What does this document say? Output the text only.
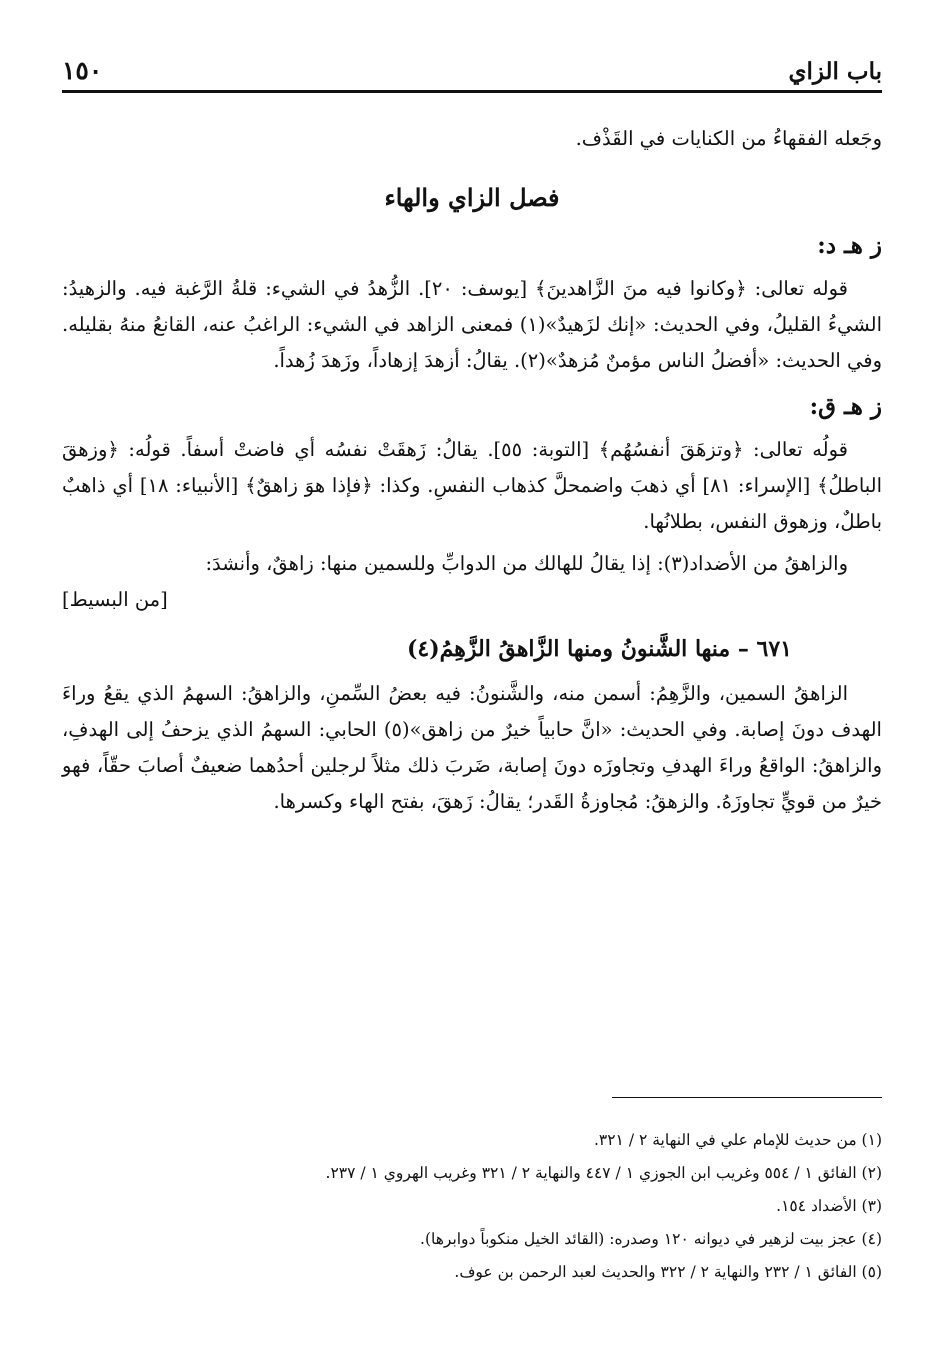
باب الزاي
١٥٠

وجَعله الفقهاءُ من الكنايات في القَذْف.

فصل الزاي والهاء
ز هـ د:

قوله تعالى: ﴿وكانوا فيه منَ الزَّاهدينَ﴾ [يوسف: ٢٠]. الزُّهدُ في الشيء: قلةُ الرَّغبة فيه. والزهيدُ: الشيءُ القليلُ، وفي الحديث: «إنك لزَهيدٌ»(١) فمعنى الزاهد في الشيء: الراغبُ عنه، القانعُ منهُ بقليله. وفي الحديث: «أفضلُ الناس مؤمنٌ مُزهدٌ»(٢). يقالُ: أزهدَ إزهاداً، وزَهدَ زُهداً.

ز هـ ق:

قولُه تعالى: ﴿وتزهَقَ أنفسُهُم﴾ [التوبة: ٥٥]. يقالُ: زَهقَتْ نفسُه أي فاضتْ أسفاً. قولُه: ﴿وزهقَ الباطلُ﴾ [الإسراء: ٨١] أي ذهبَ واضمحلَّ كذهاب النفسِ. وكذا: ﴿فإذا هوَ زاهقٌ﴾ [الأنبياء: ١٨] أي ذاهبٌ باطلٌ، وزهوق النفس، بطلانُها.

والزاهقُ من الأضداد(٣): إذا يقالُ للهالك من الدوابِّ وللسمين منها: زاهقٌ، وأنشدَ:

[من البسيط]

٦٧١ – منها الشَّنونُ ومنها الزَّاهقُ الزَّهِمُ(٤)

الزاهقُ السمين، والزَّهِمُ: أسمن منه، والشَّنونُ: فيه بعضُ السِّمنِ، والزاهقُ: السهمُ الذي يقعُ وراءَ الهدف دونَ إصابة. وفي الحديث: «انَّ حابياً خيرٌ من زاهق»(٥) الحابي: السهمُ الذي يزحفُ إلى الهدفِ، والزاهقُ: الواقعُ وراءَ الهدفِ وتجاوزَه دونَ إصابة، ضَربَ ذلك مثلاً لرجلين أحدُهما ضعيفٌ أصابَ حقّاً، فهو خيرٌ من قويٍّ تجاوزَهُ. والزهقُ: مُجاوزةُ القَدر؛ يقالُ: زَهقَ، بفتح الهاء وكسرها.

(١) من حديث للإمام علي في النهاية ٢ / ٣٢١.
(٢) الفائق ١ / ٥٥٤ وغريب ابن الجوزي ١ / ٤٤٧ والنهاية ٢ / ٣٢١ وغريب الهروي ١ / ٢٣٧.
(٣) الأضداد ١٥٤.
(٤) عجز بيت لزهير في ديوانه ١٢٠ وصدره: (القائد الخيل منكوباً دوابرها).
(٥) الفائق ١ / ٢٣٢ والنهاية ٢ / ٣٢٢ والحديث لعبد الرحمن بن عوف.
